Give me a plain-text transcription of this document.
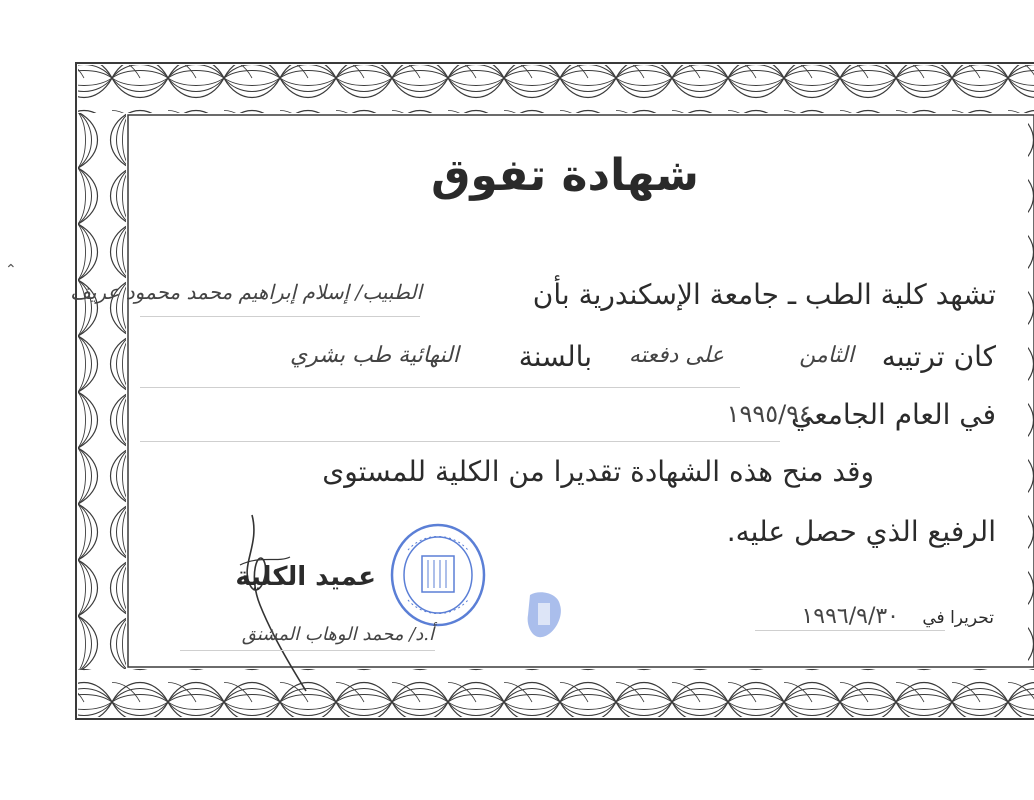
⌃
شهادة تفوق
تشهد كلية الطب ـ جامعة الإسكندرية بأن
الطبيب/ إسلام إبراهيم محمد محمود عريف
كان ترتيبه
الثامن
على دفعته
بالسنة
النهائية طب بشري
في العام الجامعي
١٩٩٥/٩٤
وقد منح هذه الشهادة تقديرا من الكلية للمستوى
الرفيع الذي حصل عليه.
عميد الكلية
أ.د/ محمد الوهاب المشنق
تحريرا في
١٩٩٦/٩/٣٠
